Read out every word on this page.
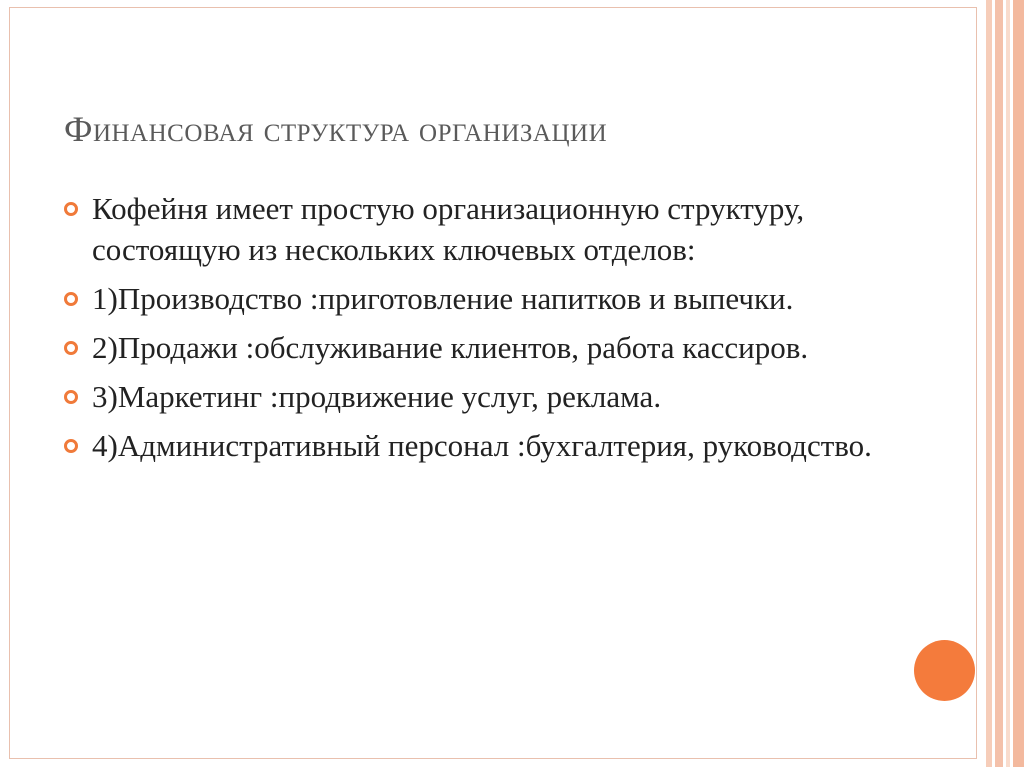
Финансовая структура организации
Кофейня имеет простую организационную структуру, состоящую из нескольких ключевых отделов:
1)Производство :приготовление напитков и выпечки.
2)Продажи :обслуживание клиентов, работа кассиров.
3)Маркетинг :продвижение услуг, реклама.
4)Административный персонал :бухгалтерия, руководство.
